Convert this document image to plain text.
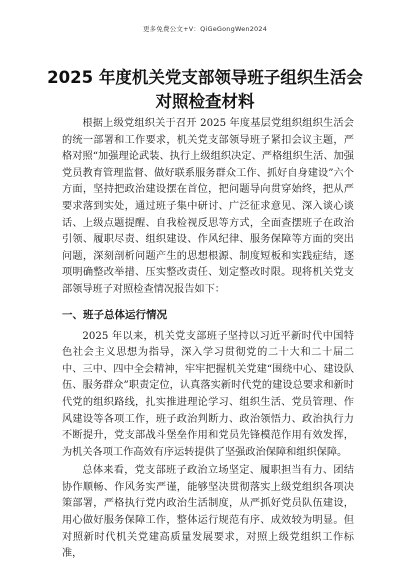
更多免费公文+V：QiGeGongWen2024
2025 年度机关党支部领导班子组织生活会对照检查材料

根据上级党组织关于召开 2025 年度基层党组织组织生活会的统一部署和工作要求，机关党支部领导班子紧扣会议主题，严格对照“加强理论武装、执行上级组织决定、严格组织生活、加强党员教育管理监督、做好联系服务群众工作、抓好自身建设”六个方面，坚持把政治建设摆在首位，把问题导向贯穿始终，把从严要求落到实处，通过班子集中研讨、广泛征求意见、深入谈心谈话、上级点题提醒、自我检视反思等方式，全面查摆班子在政治引领、履职尽责、组织建设、作风纪律、服务保障等方面的突出问题，深刻剖析问题产生的思想根源、制度短板和实践症结，逐项明确整改举措、压实整改责任、划定整改时限。现将机关党支部领导班子对照检查情况报告如下：

一、班子总体运行情况

2025 年以来，机关党支部班子坚持以习近平新时代中国特色社会主义思想为指导，深入学习贯彻党的二十大和二十届二中、三中、四中全会精神，牢牢把握机关党建“围绕中心、建设队伍、服务群众”职责定位，认真落实新时代党的建设总要求和新时代党的组织路线，扎实推进理论学习、组织生活、党员管理、作风建设等各项工作，班子政治判断力、政治领悟力、政治执行力不断提升，党支部战斗堡垒作用和党员先锋模范作用有效发挥，为机关各项工作高效有序运转提供了坚强政治保障和组织保障。

总体来看，党支部班子政治立场坚定、履职担当有力、团结协作顺畅、作风务实严谨，能够坚决贯彻落实上级党组织各项决策部署，严格执行党内政治生活制度，从严抓好党员队伍建设，用心做好服务保障工作，整体运行规范有序、成效较为明显。但对照新时代机关党建高质量发展要求，对照上级党组织工作标准，
